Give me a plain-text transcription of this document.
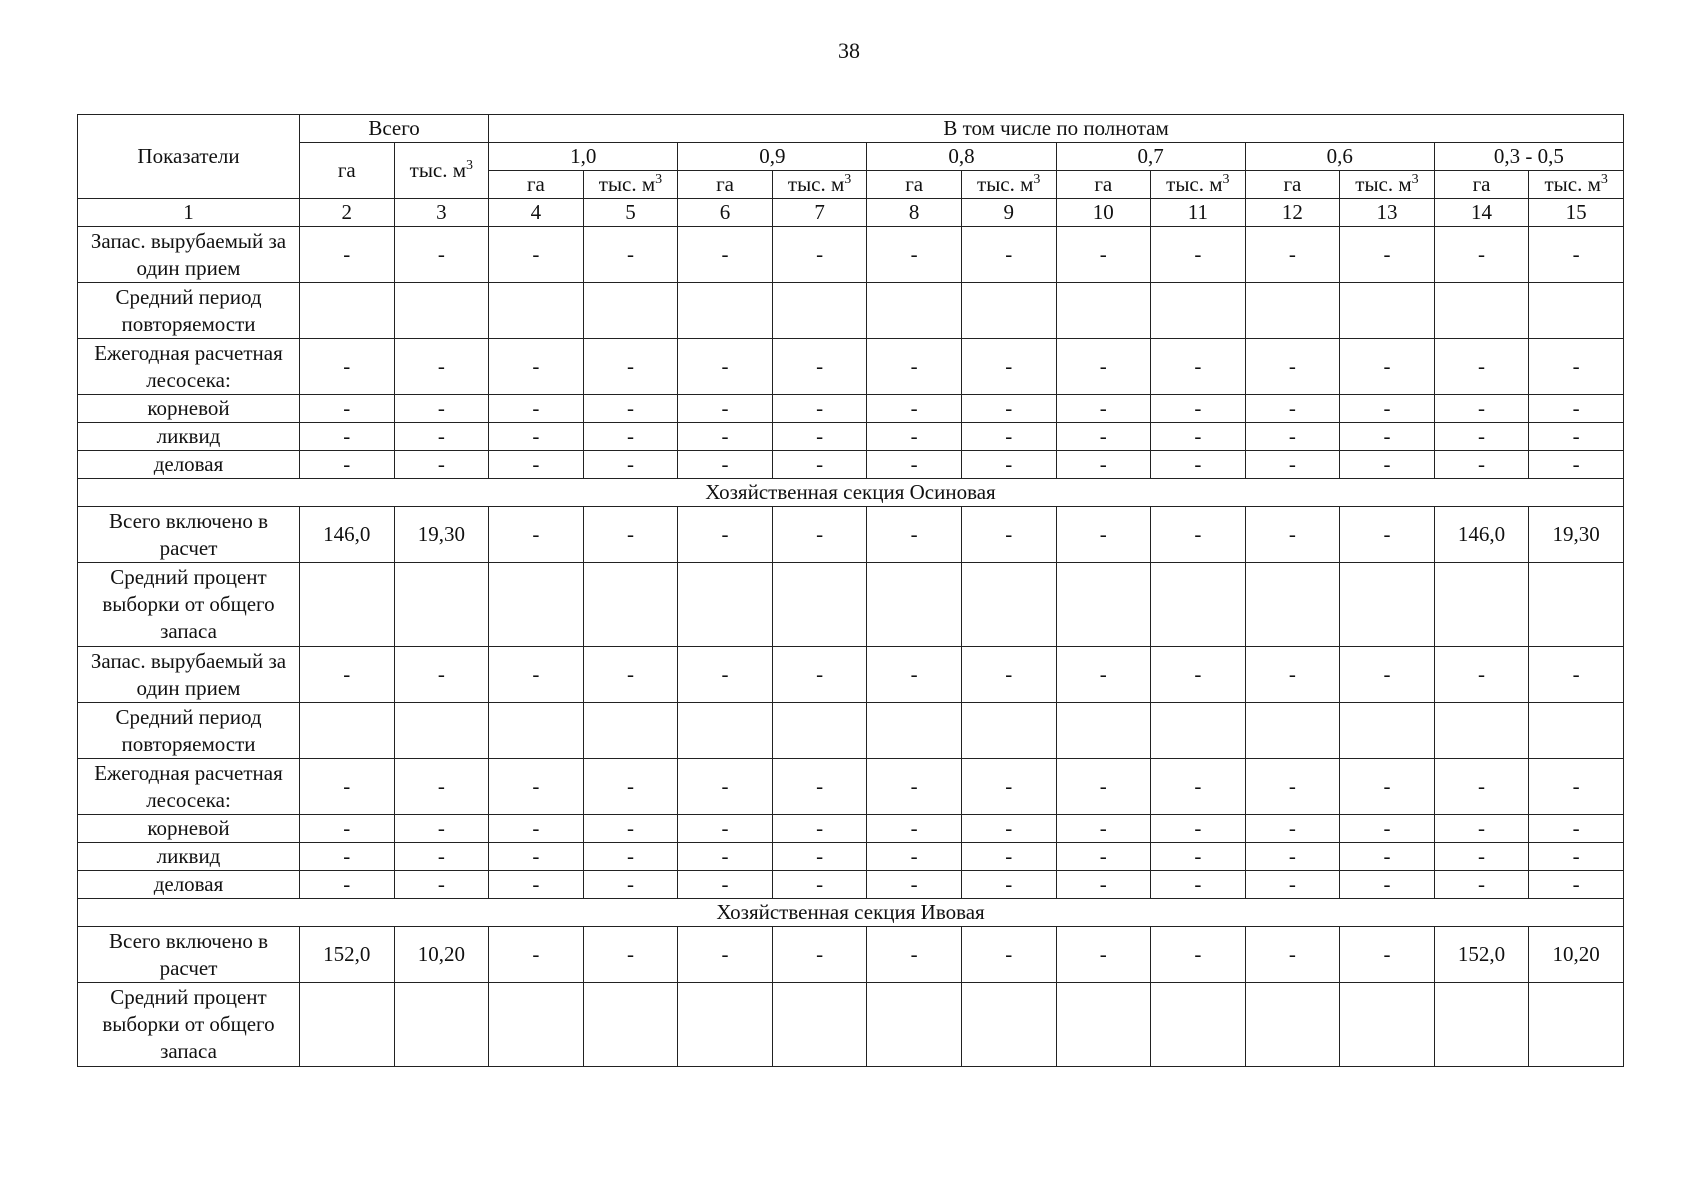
38
Показатели	Всего		В том числе по полнотам											
	га	тыс. $м^3$	1,0		0,9		0,8		0,7		0,6		0,3 - 0,5	
			га	тыс. $м^3$	га	тыс. $м^3$	га	тыс. $м^3$	га	тыс. $м^3$	га	тыс. $м^3$	га	тыс. $м^3$
1	2	3	4	5	6	7	8	9	10	11	12	13	14	15
Запас. вырубаемый за один прием	-	-	-	-	-	-	-	-	-	-	-	-	-	-
Средний период повторяемости														
Ежегодная расчетная лесосека:	-	-	-	-	-	-	-	-	-	-	-	-	-	-
корневой	-	-	-	-	-	-	-	-	-	-	-	-	-	-
ликвид	-	-	-	-	-	-	-	-	-	-	-	-	-	-
деловая	-	-	-	-	-	-	-	-	-	-	-	-	-	-
Хозяйственная секция Осиновая														
Всего включено в расчет	146,0	19,30	-	-	-	-	-	-	-	-	-	-	146,0	19,30
Средний процент выборки от общего запаса														
Запас. вырубаемый за один прием	-	-	-	-	-	-	-	-	-	-	-	-	-	-
Средний период повторяемости														
Ежегодная расчетная лесосека:	-	-	-	-	-	-	-	-	-	-	-	-	-	-
корневой	-	-	-	-	-	-	-	-	-	-	-	-	-	-
ликвид	-	-	-	-	-	-	-	-	-	-	-	-	-	-
деловая	-	-	-	-	-	-	-	-	-	-	-	-	-	-
Хозяйственная секция Ивовая														
Всего включено в расчет	152,0	10,20	-	-	-	-	-	-	-	-	-	-	152,0	10,20
Средний процент выборки от общего запаса														
